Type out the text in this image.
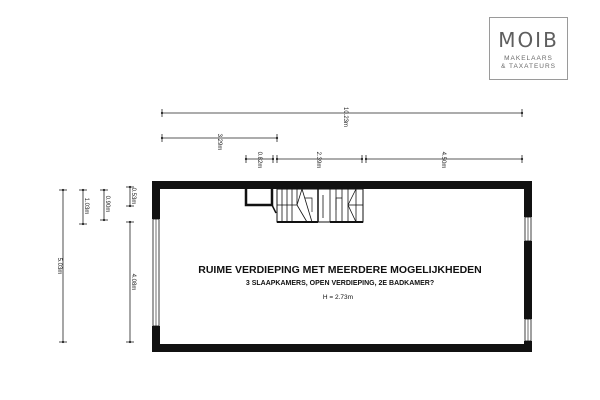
MOIB
MAKELAARS
& TAXATEURS
10.23m
3.29m
0.82m	2.39m	4.50m
5.03m
1.03m	0.90m	0.53m
4.08m
RUIME VERDIEPING MET MEERDERE MOGELIJKHEDEN
3 SLAAPKAMERS, OPEN VERDIEPING, 2E BADKAMER?
H = 2.73m
